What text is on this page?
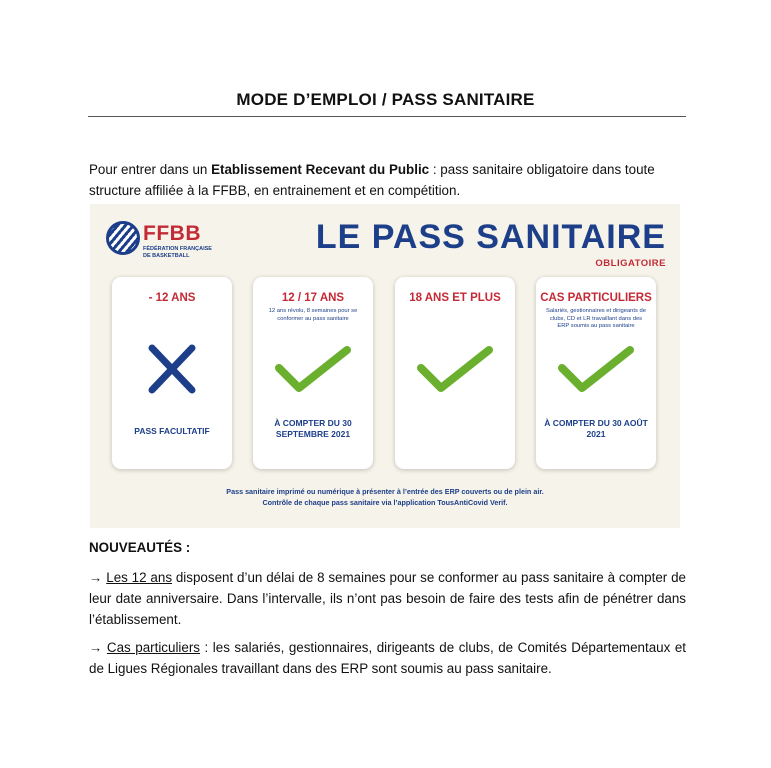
MODE D’EMPLOI / PASS SANITAIRE

Pour entrer dans un Etablissement Recevant du Public : pass sanitaire obligatoire dans toute structure affiliée à la FFBB, en entrainement et en compétition.

FFBB
FÉDÉRATION FRANÇAISE DE BASKETBALL	LE PASS SANITAIRE
OBLIGATOIRE
- 12 ANS
PASS FACULTATIF
12 / 17 ANS
12 ans révolu, 8 semaines pour se conformer au pass sanitaire
À COMPTER DU 30 SEPTEMBRE 2021
18 ANS ET PLUS	CAS PARTICULIERS
Salariés, gestionnaires et dirigeants de clubs, CD et LR travaillant dans des ERP soumis au pass sanitaire
À COMPTER DU 30 AOÛT 2021
Pass sanitaire imprimé ou numérique à présenter à l’entrée des ERP couverts ou de plein air.
Contrôle de chaque pass sanitaire via l’application TousAntiCovid Verif.
NOUVEAUTÉS :

→ Les 12 ans disposent d’un délai de 8 semaines pour se conformer au pass sanitaire à compter de leur date anniversaire. Dans l’intervalle, ils n’ont pas besoin de faire des tests afin de pénétrer dans l’établissement.

→ Cas particuliers : les salariés, gestionnaires, dirigeants de clubs, de Comités Départementaux et de Ligues Régionales travaillant dans des ERP sont soumis au pass sanitaire.
